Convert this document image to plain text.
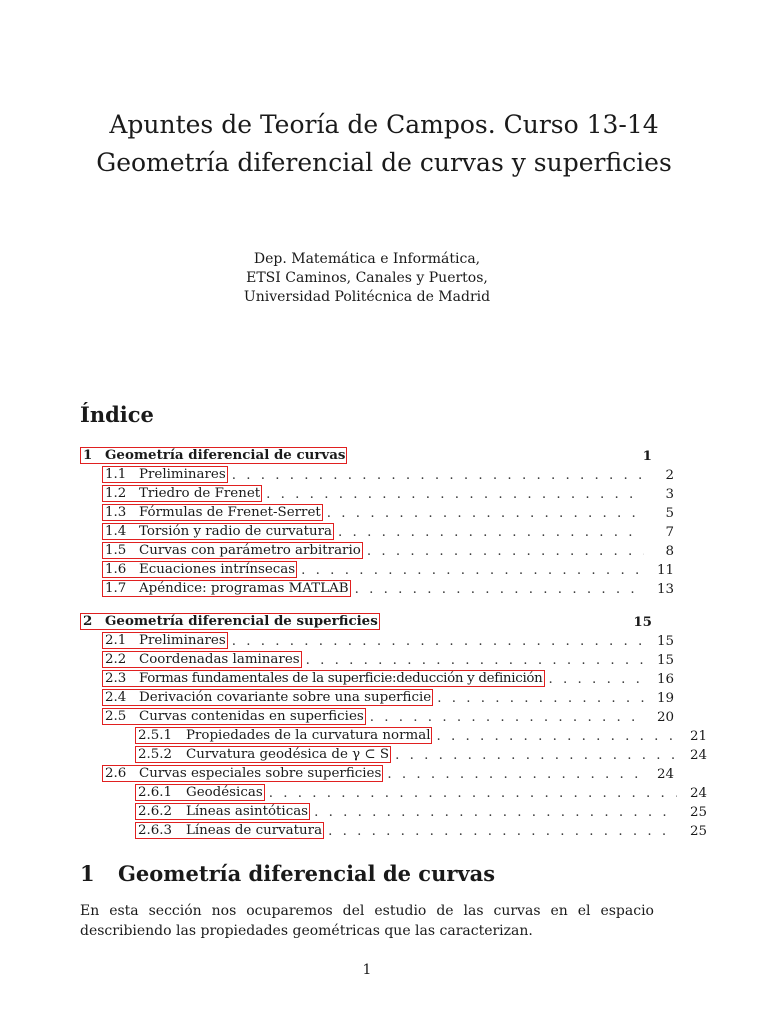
Apuntes de Teoría de Campos. Curso 13-14
Geometría diferencial de curvas y superficies
Dep. Matemática e Informática,
ETSI Caminos, Canales y Puertos,
Universidad Politécnica de Madrid
Índice
1 Geometría diferencial de curvas	1
1.1 Preliminares . . .	2
1.2 Triedro de Frenet . . .	3
1.3 Fórmulas de Frenet-Serret . . .	5
1.4 Torsión y radio de curvatura . . .	7
1.5 Curvas con parámetro arbitrario . . .	8
1.6 Ecuaciones intrínsecas . . .	11
1.7 Apéndice: programas MATLAB . . .	13
2 Geometría diferencial de superficies	15
2.1 Preliminares . . .	15
2.2 Coordenadas laminares . . .	15
2.3 Formas fundamentales de la superficie:deducción y definición . . .	16
2.4 Derivación covariante sobre una superficie . . .	19
2.5 Curvas contenidas en superficies . . .	20
2.5.1	Propiedades de la curvatura normal . . .	21
2.5.2	Curvatura geodésica de γ ⊂ S . . .	24
2.6 Curvas especiales sobre superficies . . .	24
2.6.1	Geodésicas . . .	24
2.6.2	Líneas asintóticas . . .	25
2.6.3	Líneas de curvatura . . .	25
1 Geometría diferencial de curvas

En esta sección nos ocuparemos del estudio de las curvas en el espacio describiendo las propiedades geométricas que las caracterizan.

1
